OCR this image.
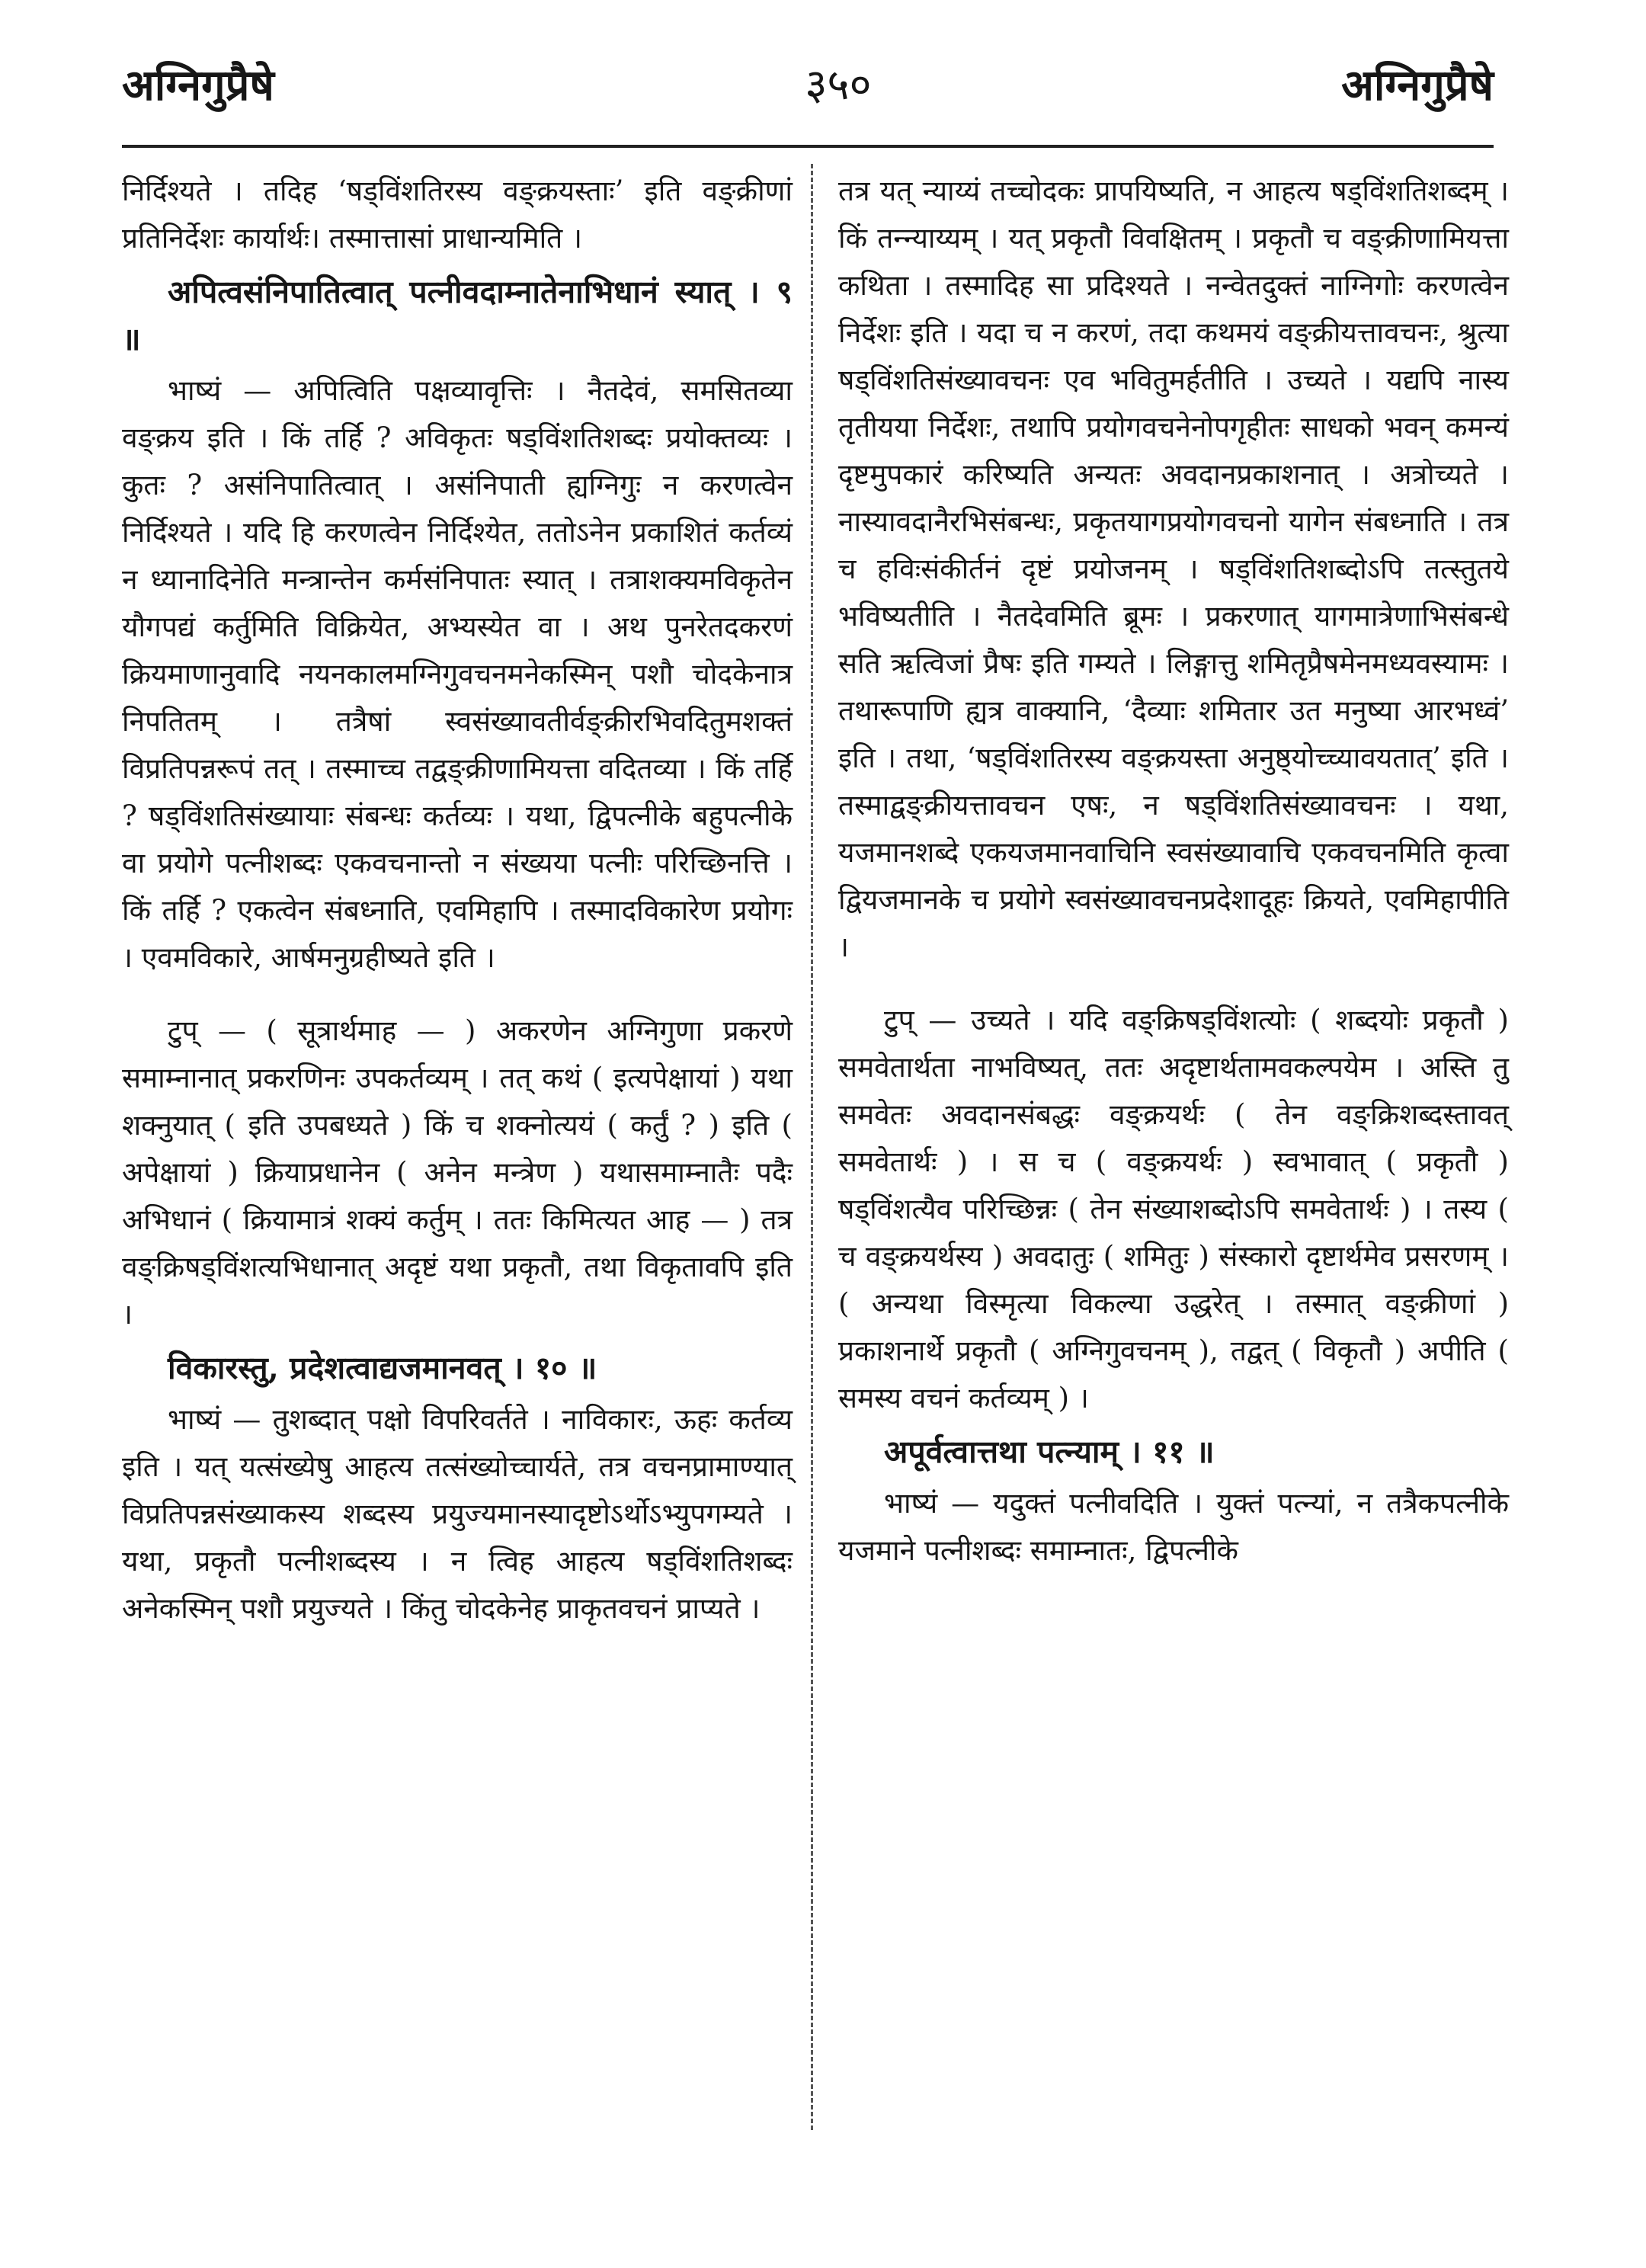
अग्निगुप्रैषे	३५०	अग्निगुप्रैषे

निर्दिश्यते । तदिह ‘षड्विंशतिरस्य वङ्क्रयस्ताः’ इति वङ्क्रीणां प्रतिनिर्देशः कार्यार्थः। तस्मात्तासां प्राधान्यमिति ।

अपित्वसंनिपातित्वात् पत्नीवदाम्नातेनाभिधानं स्यात् । ९ ॥

भाष्यं — अपित्विति पक्षव्यावृत्तिः । नैतदेवं, समसितव्या वङ्क्रय इति । किं तर्हि ? अविकृतः षड्विंशतिशब्दः प्रयोक्तव्यः । कुतः ? असंनिपातित्वात् । असंनिपाती ह्यग्निगुः न करणत्वेन निर्दिश्यते । यदि हि करणत्वेन निर्दिश्येत, ततोऽनेन प्रकाशितं कर्तव्यं न ध्यानादिनेति मन्त्रान्तेन कर्मसंनिपातः स्यात् । तत्राशक्यमविकृतेन यौगपद्यं कर्तुमिति विक्रियेत, अभ्यस्येत वा । अथ पुनरेतदकरणं क्रियमाणानुवादि नयनकालमग्निगुवचनमनेकस्मिन् पशौ चोदकेनात्र निपतितम् । तत्रैषां स्वसंख्यावतीर्वङ्क्रीरभिवदितुमशक्तं विप्रतिपन्नरूपं तत् । तस्माच्च तद्वङ्क्रीणामियत्ता वदितव्या । किं तर्हि ? षड्विंशतिसंख्यायाः संबन्धः कर्तव्यः । यथा, द्विपत्नीके बहुपत्नीके वा प्रयोगे पत्नीशब्दः एकवचनान्तो न संख्यया पत्नीः परिच्छिनत्ति । किं तर्हि ? एकत्वेन संबध्नाति, एवमिहापि । तस्मादविकारेण प्रयोगः । एवमविकारे, आर्षमनुग्रहीष्यते इति ।

टुप् — ( सूत्रार्थमाह — ) अकरणेन अग्निगुणा प्रकरणे समाम्नानात् प्रकरणिनः उपकर्तव्यम् । तत् कथं ( इत्यपेक्षायां ) यथा शक्नुयात् ( इति उपबध्यते ) किं च शक्नोत्ययं ( कर्तुं ? ) इति ( अपेक्षायां ) क्रियाप्रधानेन ( अनेन मन्त्रेण ) यथासमाम्नातैः पदैः अभिधानं ( क्रियामात्रं शक्यं कर्तुम् । ततः किमित्यत आह — ) तत्र वङ्क्रिषड्विंशत्यभिधानात् अदृष्टं यथा प्रकृतौ, तथा विकृतावपि इति ।

विकारस्तु, प्रदेशत्वाद्यजमानवत् । १० ॥

भाष्यं — तुशब्दात् पक्षो विपरिवर्तते । नाविकारः, ऊहः कर्तव्य इति । यत् यत्संख्येषु आहत्य तत्संख्योच्चार्यते, तत्र वचनप्रामाण्यात् विप्रतिपन्नसंख्याकस्य शब्दस्य प्रयुज्यमानस्यादृष्टोऽर्थोऽभ्युपगम्यते । यथा, प्रकृतौ पत्नीशब्दस्य । न त्विह आहत्य षड्विंशतिशब्दः अनेकस्मिन् पशौ प्रयुज्यते । किंतु चोदकेनेह प्राकृतवचनं प्राप्यते ।

तत्र यत् न्याय्यं तच्चोदकः प्रापयिष्यति, न आहत्य षड्विंशतिशब्दम् । किं तन्न्याय्यम् । यत् प्रकृतौ विवक्षितम् । प्रकृतौ च वङ्क्रीणामियत्ता कथिता । तस्मादिह सा प्रदिश्यते । नन्वेतदुक्तं नाग्निगोः करणत्वेन निर्देशः इति । यदा च न करणं, तदा कथमयं वङ्क्रीयत्तावचनः, श्रुत्या षड्विंशतिसंख्यावचनः एव भवितुमर्हतीति । उच्यते । यद्यपि नास्य तृतीयया निर्देशः, तथापि प्रयोगवचनेनोपगृहीतः साधको भवन् कमन्यं दृष्टमुपकारं करिष्यति अन्यतः अवदानप्रकाशनात् । अत्रोच्यते । नास्यावदानैरभिसंबन्धः, प्रकृतयागप्रयोगवचनो यागेन संबध्नाति । तत्र च हविःसंकीर्तनं दृष्टं प्रयोजनम् । षड्विंशतिशब्दोऽपि तत्स्तुतये भविष्यतीति । नैतदेवमिति ब्रूमः । प्रकरणात् यागमात्रेणाभिसंबन्धे सति ऋत्विजां प्रैषः इति गम्यते । लिङ्गात्तु शमितृप्रैषमेनमध्यवस्यामः । तथारूपाणि ह्यत्र वाक्यानि, ‘दैव्याः शमितार उत मनुष्या आरभध्वं’ इति । तथा, ‘षड्विंशतिरस्य वङ्क्रयस्ता अनुष्ठ्योच्च्यावयतात्’ इति । तस्माद्वङ्क्रीयत्तावचन एषः, न षड्विंशतिसंख्यावचनः । यथा, यजमानशब्दे एकयजमानवाचिनि स्वसंख्यावाचि एकवचनमिति कृत्वा द्वियजमानके च प्रयोगे स्वसंख्यावचनप्रदेशादूहः क्रियते, एवमिहापीति ।

टुप् — उच्यते । यदि वङ्क्रिषड्विंशत्योः ( शब्दयोः प्रकृतौ ) समवेतार्थता नाभविष्यत्, ततः अदृष्टार्थतामवकल्पयेम । अस्ति तु समवेतः अवदानसंबद्धः वङ्क्रयर्थः ( तेन वङ्क्रिशब्दस्तावत् समवेतार्थः ) । स च ( वङ्क्रयर्थः ) स्वभावात् ( प्रकृतौ ) षड्विंशत्यैव परिच्छिन्नः ( तेन संख्याशब्दोऽपि समवेतार्थः ) । तस्य ( च वङ्क्रयर्थस्य ) अवदातुः ( शमितुः ) संस्कारो दृष्टार्थमेव प्रसरणम् । ( अन्यथा विस्मृत्या विकल्या उद्धरेत् । तस्मात् वङ्क्रीणां ) प्रकाशनार्थे प्रकृतौ ( अग्निगुवचनम् ), तद्वत् ( विकृतौ ) अपीति ( समस्य वचनं कर्तव्यम् ) ।

अपूर्वत्वात्तथा पत्न्याम् । ११ ॥

भाष्यं — यदुक्तं पत्नीवदिति । युक्तं पत्न्यां, न तत्रैकपत्नीके यजमाने पत्नीशब्दः समाम्नातः, द्विपत्नीके
